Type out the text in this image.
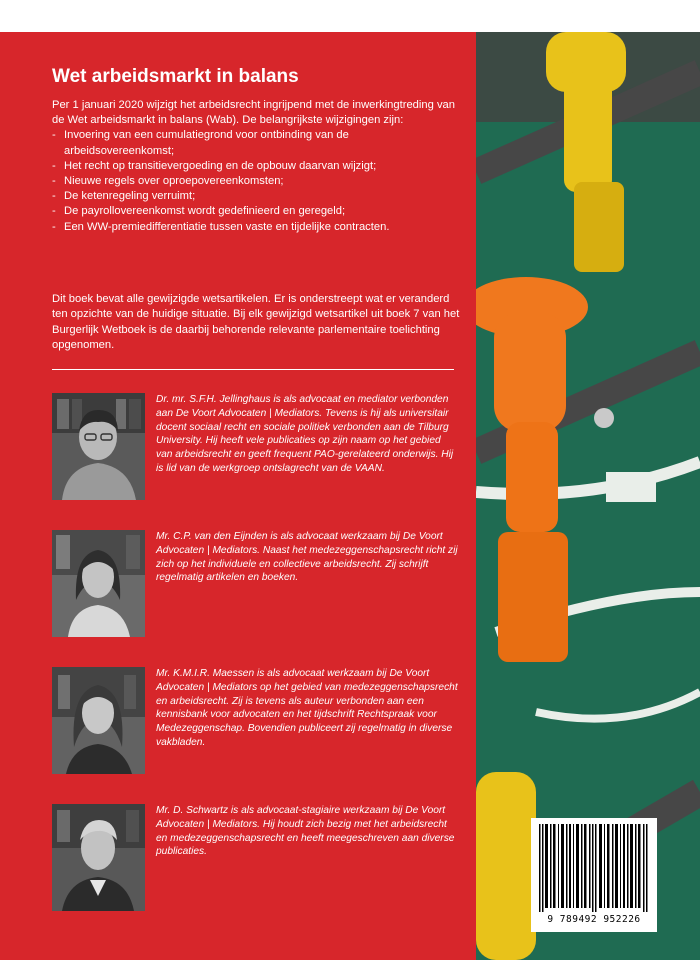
Wet arbeidsmarkt in balans

Per 1 januari 2020 wijzigt het arbeidsrecht ingrijpend met de inwerkingtreding van de Wet arbeidsmarkt in balans (Wab). De belangrijkste wijzigingen zijn:

- Invoering van een cumulatiegrond voor ontbinding van de arbeidsovereenkomst;
- Het recht op transitievergoeding en de opbouw daarvan wijzigt;
- Nieuwe regels over oproepovereenkomsten;
- De ketenregeling verruimt;
- De payrollovereenkomst wordt gedefinieerd en geregeld;
- Een WW-premiedifferentiatie tussen vaste en tijdelijke contracten.
Dit boek bevat alle gewijzigde wetsartikelen. Er is onderstreept wat er veranderd ten opzichte van de huidige situatie. Bij elk gewijzigd wetsartikel uit boek 7 van het Burgerlijk Wetboek is de daarbij behorende relevante parlementaire toelichting opgenomen.
Dr. mr. S.F.H. Jellinghaus is als advocaat en mediator verbonden aan De Voort Advocaten | Mediators. Tevens is hij als universitair docent sociaal recht en sociale politiek verbonden aan de Tilburg University. Hij heeft vele publicaties op zijn naam op het gebied van arbeidsrecht en geeft frequent PAO-gerelateerd onderwijs. Hij is lid van de werkgroep ontslagrecht van de VAAN.
Mr. C.P. van den Eijnden is als advocaat werkzaam bij De Voort Advocaten | Mediators. Naast het medezeggenschapsrecht richt zij zich op het individuele en collectieve arbeidsrecht. Zij schrijft regelmatig artikelen en boeken.
Mr. K.M.I.R. Maessen is als advocaat werkzaam bij De Voort Advocaten | Mediators op het gebied van medezeggenschapsrecht en arbeidsrecht. Zij is tevens als auteur verbonden aan een kennisbank voor advocaten en het tijdschrift Rechtspraak voor Medezeggenschap. Bovendien publiceert zij regelmatig in diverse vakbladen.
Mr. D. Schwartz is als advocaat-stagiaire werkzaam bij De Voort Advocaten | Mediators. Hij houdt zich bezig met het arbeidsrecht en medezeggenschapsrecht en heeft meegeschreven aan diverse publicaties.
9 789492 952226
